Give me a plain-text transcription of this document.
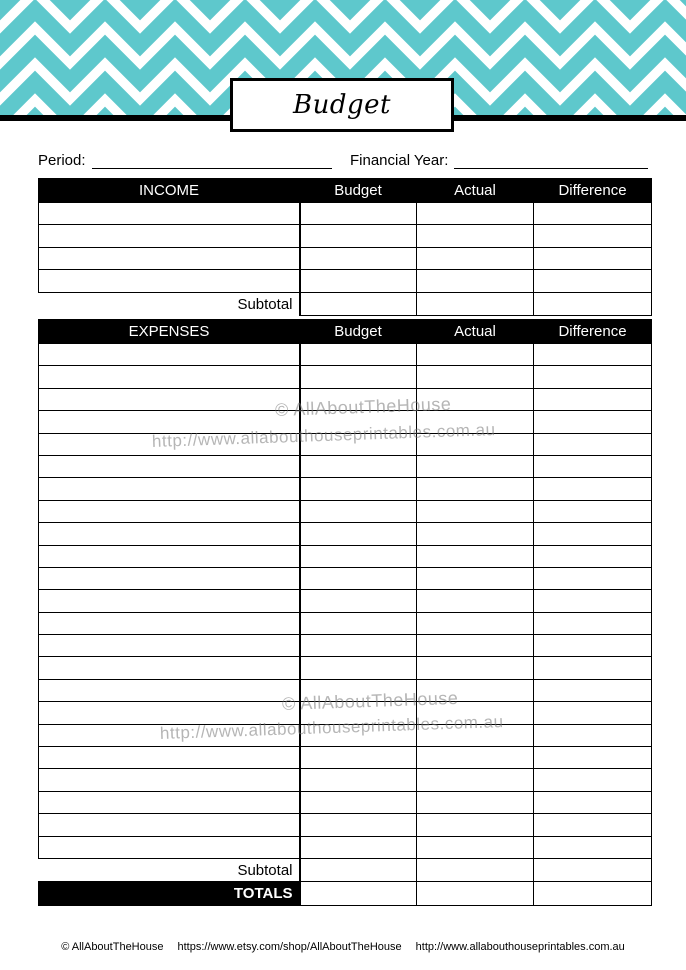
Budget
Period:	Financial Year:
INCOME	Budget	Actual	Difference

Subtotal			
EXPENSES	Budget	Actual	Difference

Subtotal			
TOTALS			
© AllAboutTheHouse
http://www.allabouthouseprintables.com.au
© AllAboutTheHouse
http://www.allabouthouseprintables.com.au
© AllAboutTheHouse https://www.etsy.com/shop/AllAboutTheHouse http://www.allabouthouseprintables.com.au
